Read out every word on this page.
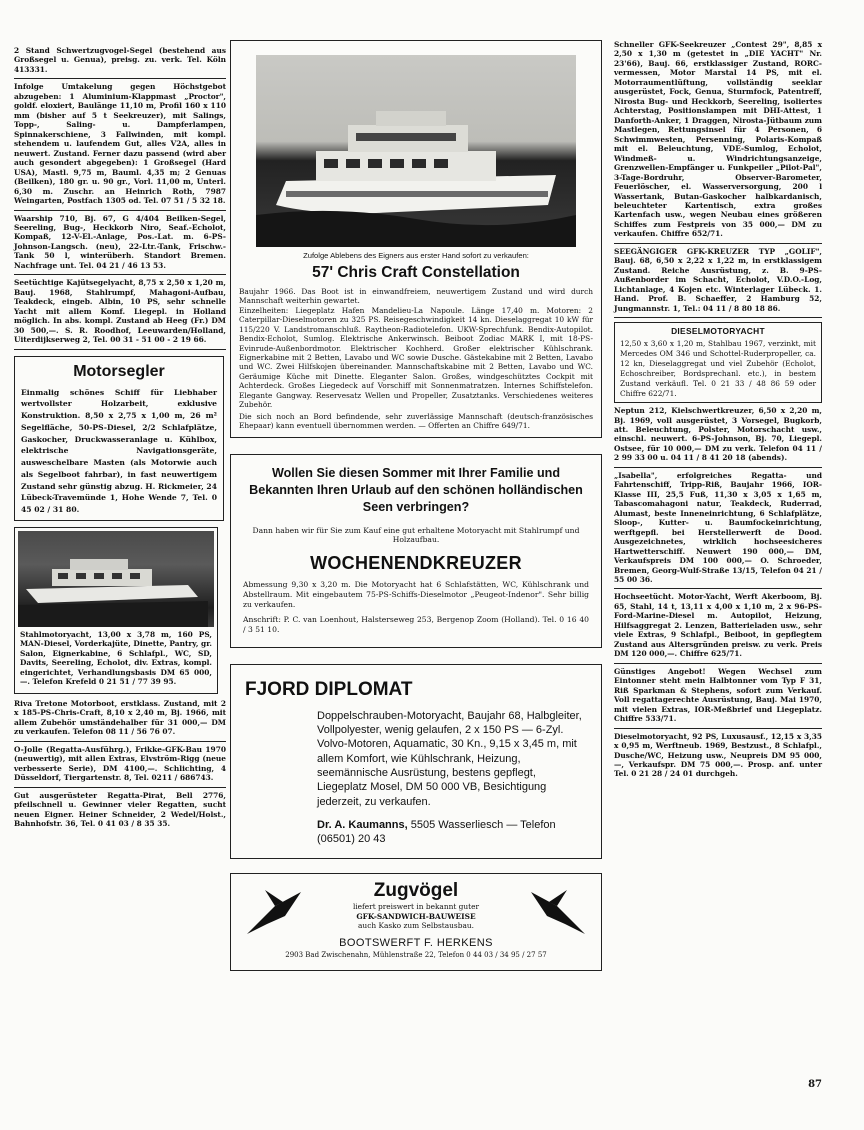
2 Stand Schwertzugvogel-Segel (bestehend aus Großsegel u. Genua), preisg. zu. verk. Tel. Köln 413331.
Infolge Umtakelung gegen Höchstgebot abzugeben: 1 Aluminium-Klappmast „Proctor", goldf. eloxiert, Baulänge 11,10 m, Profil 160 x 110 mm (bisher auf 5 t Seekreuzer), mit Salings, Topp-, Saling- u. Dampferlampen, Spinnakerschiene, 3 Fallwinden, mit kompl. stehendem u. laufendem Gut, alles V2A, alles in neuwert. Zustand. Ferner dazu passend (wird aber auch gesondert abgegeben): 1 Großsegel (Hard USA), Mastl. 9,75 m, Bauml. 4,35 m; 2 Genuas (Beilken), 180 gr. u. 90 gr., Vorl. 11,00 m, Unterl. 6,30 m. Zuschr. an Heinrich Roth, 7987 Weingarten, Postfach 1305 od. Tel. 07 51 / 5 32 18.
Waarship 710, Bj. 67, G 4/404 Beilken-Segel, Seereling, Bug-, Heckkorb Niro, Seaf.-Echolot, Kompaß, 12-V-El.-Anlage, Pos.-Lat. m. 6-PS-Johnson-Langsch. (neu), 22-Ltr.-Tank, Frischw.-Tank 50 l, winterüberh. Standort Bremen. Nachfrage unt. Tel. 04 21 / 46 13 53.
Seetüchtige Kajütsegelyacht, 8,75 x 2,50 x 1,20 m, Bauj. 1968, Stahlrumpf, Mahagoni-Aufbau, Teakdeck, eingeb. Albin, 10 PS, sehr schnelle Yacht mit allem Komf. Liegepl. in Holland möglich. In abs. kompl. Zustand ab Heeg (Fr.) DM 30 500,—. S. R. Roodhof, Leeuwarden/Holland, Uiterdijkserweg 2, Tel. 00 31 - 51 00 - 2 19 66.
Motorsegler
Einmalig schönes Schiff für Liebhaber wertvollster Holzarbeit, exklusive Konstruktion. 8,50 x 2,75 x 1,00 m, 26 m² Segelfläche, 50-PS-Diesel, 2/2 Schlafplätze, Gaskocher, Druckwasseranlage u. Kühlbox, elektrische Navigationsgeräte, ausweschelbare Masten (als Motorwie auch als Segelboot fahrbar), in fast neuwertigem Zustand sehr günstig abzug. H. Rickmeier, 24 Lübeck-Travemünde 1, Hohe Wende 7, Tel. 0 45 02 / 31 80.
Stahlmotoryacht, 13,00 x 3,78 m, 160 PS, MAN-Diesel, Vorderkajüte, Dinette, Pantry, gr. Salon, Eignerkabine, 6 Schlafpl., WC, SD, Davits, Seereling, Echolot, div. Extras, kompl. eingerichtet, Verhandlungsbasis DM 65 000,—. Telefon Krefeld 0 21 51 / 77 39 95.
Riva Tretone Motorboot, erstklass. Zustand, mit 2 x 185-PS-Chris-Craft, 8,10 x 2,40 m, Bj. 1966, mit allem Zubehör umständehalber für 31 000,— DM zu verkaufen. Telefon 08 11 / 56 76 07.
O-Jolle (Regatta-Ausführg.), Frikke-GFK-Bau 1970 (neuwertig), mit allen Extras, Elvström-Rigg (neue verbesserte Serie), DM 4100,—. Schlichting, 4 Düsseldorf, Tiergartenstr. 8, Tel. 0211 / 686743.
Gut ausgerüsteter Regatta-Pirat, Bell 2776, pfeilschnell u. Gewinner vieler Regatten, sucht neuen Eigner. Heiner Schneider, 2 Wedel/Holst., Bahnhofstr. 36, Tel. 0 41 03 / 8 35 35.
Zufolge Ablebens des Eigners aus erster Hand sofort zu verkaufen:
57' Chris Craft Constellation
Baujahr 1966. Das Boot ist in einwandfreiem, neuwertigem Zustand und wird durch Mannschaft weiterhin gewartet.
Einzelheiten: Liegeplatz Hafen Mandelieu-La Napoule. Länge 17,40 m. Motoren: 2 Caterpillar-Dieselmotoren zu 325 PS. Reisegeschwindigkeit 14 kn. Dieselaggregat 10 kW für 115/220 V. Landstromanschluß. Raytheon-Radiotelefon. UKW-Sprechfunk. Bendix-Autopilot. Bendix-Echolot, Sumlog. Elektrische Ankerwinsch. Beiboot Zodiac MARK I, mit 18-PS-Evinrude-Außenbordmotor. Elektrischer Kochherd. Großer elektrischer Kühlschrank. Eignerkabine mit 2 Betten, Lavabo und WC sowie Dusche. Gästekabine mit 2 Betten, Lavabo und WC. Zwei Hilfskojen übereinander. Mannschaftskabine mit 2 Betten, Lavabo und WC. Geräumige Küche mit Dinette. Eleganter Salon. Großes, windgeschütztes Cockpit mit Achterdeck. Großes Liegedeck auf Vorschiff mit Sonnenmatratzen. Internes Schiffstelefon. Elegante Gangway. Reservesatz Wellen und Propeller, Zusatztanks. Verschiedenes weiteres Zubehör.
Die sich noch an Bord befindende, sehr zuverlässige Mannschaft (deutsch-französisches Ehepaar) kann eventuell übernommen werden. — Offerten an Chiffre 649/71.
Wollen Sie diesen Sommer mit Ihrer Familie und Bekannten Ihren Urlaub auf den schönen holländischen Seen verbringen?
Dann haben wir für Sie zum Kauf eine gut erhaltene Motoryacht mit Stahlrumpf und Holzaufbau.
WOCHENENDKREUZER
Abmessung 9,30 x 3,20 m. Die Motoryacht hat 6 Schlafstätten, WC, Kühlschrank und Abstellraum. Mit eingebautem 75-PS-Schiffs-Dieselmotor „Peugeot-Indenor". Sehr billig zu verkaufen.
Anschrift: P. C. van Loenhout, Halsterseweg 253, Bergenop Zoom (Holland). Tel. 0 16 40 / 3 51 10.
FJORD DIPLOMAT
Doppelschrauben-Motoryacht, Baujahr 68, Halbgleiter, Vollpolyester, wenig gelaufen, 2 x 150 PS — 6-Zyl. Volvo-Motoren, Aquamatic, 30 Kn., 9,15 x 3,45 m, mit allem Komfort, wie Kühlschrank, Heizung, seemännische Ausrüstung, bestens gepflegt, Liegeplatz Mosel, DM 50 000 VB, Besichtigung jederzeit, zu verkaufen.
Dr. A. Kaumanns, 5505 Wasserliesch — Telefon (06501) 20 43
Zugvögel
liefert preiswert in bekannt guter
GFK-SANDWICH-BAUWEISE
auch Kasko zum Selbstausbau.
BOOTSWERFT F. HERKENS
2903 Bad Zwischenahn, Mühlenstraße 22, Telefon 0 44 03 / 34 95 / 27 57
Schneller GFK-Seekreuzer „Contest 29", 8,85 x 2,50 x 1,30 m (getestet in „DIE YACHT" Nr. 23'66), Bauj. 66, erstklassiger Zustand, RORC-vermessen, Motor Marstal 14 PS, mit el. Motorraumentlüftung, vollständig seeklar ausgerüstet, Fock, Genua, Sturmfock, Patentreff, Nirosta Bug- und Heckkorb, Seereling, isoliertes Achterstag, Positionslampen mit DHI-Attest, 1 Danforth-Anker, 1 Draggen, Nirosta-Jütbaum zum Mastlegen, Rettungsinsel für 4 Personen, 6 Schwimmwesten, Persenning, Polaris-Kompaß mit el. Beleuchtung, VDE-Sumlog, Echolot, Windmeß- u. Windrichtungsanzeige, Grenzwellen-Empfänger u. Funkpeiler „Pilot-Pal", 3-Tage-Bordruhr, Observer-Barometer, Feuerlöscher, el. Wasserversorgung, 200 l Wassertank, Butan-Gaskocher halbkardanisch, beleuchteter Kartentisch, extra großes Kartenfach usw., wegen Neubau eines größeren Schiffes zum Festpreis von 35 000,— DM zu verkaufen. Chiffre 652/71.
SEEGÄNGIGER GFK-KREUZER TYP „GOLIF", Bauj. 68, 6,50 x 2,22 x 1,22 m, in erstklassigem Zustand. Reiche Ausrüstung, z. B. 9-PS-Außenborder im Schacht, Echolot, V.D.O.-Log, Lichtanlage, 4 Kojen etc. Winterlager Lübeck. 1. Hand. Prof. B. Schaeffer, 2 Hamburg 52, Jungmannstr. 1, Tel.: 04 11 / 8 80 18 86.
DIESELMOTORYACHT
12,50 x 3,60 x 1,20 m, Stahlbau 1967, verzinkt, mit Mercedes OM 346 und Schottel-Ruderpropeller, ca. 12 kn, Dieselaggregat und viel Zubehör (Echolot, Echoschreiber, Bordsprechanl. etc.), in bestem Zustand verkäufl. Tel. 0 21 33 / 48 86 59 oder Chiffre 622/71.
Neptun 212, Kielschwertkreuzer, 6,50 x 2,20 m, Bj. 1969, voll ausgerüstet, 3 Vorsegel, Bugkorb, att. Beleuchtung, Polster, Motorschacht usw., einschl. neuwert. 6-PS-Johnson, Bj. 70, Liegepl. Ostsee, für 10 000,— DM zu verk. Telefon 04 11 / 2 99 33 00 u. 04 11 / 8 41 20 18 (abends).
„Isabella", erfolgreiches Regatta- und Fahrtenschiff, Tripp-Riß, Baujahr 1966, IOR-Klasse III, 25,5 Fuß, 11,30 x 3,05 x 1,65 m, Tabascomahagoni natur, Teakdeck, Ruderrad, Alumast, beste Inneneinrichtung, 6 Schlafplätze, Sloop-, Kutter- u. Baumfockeinrichtung, werftgepfl. bei Herstellerwerft de Dood. Ausgezeichnetes, wirklich hochseesicheres Hartwetterschiff. Neuwert 190 000,— DM, Verkaufspreis DM 100 000,— O. Schroeder, Bremen, Georg-Wulf-Straße 13/15, Telefon 04 21 / 55 00 36.
Hochseetücht. Motor-Yacht, Werft Akerboom, Bj. 65, Stahl, 14 t, 13,11 x 4,00 x 1,10 m, 2 x 96-PS-Ford-Marine-Diesel m. Autopilot, Heizung, Hilfsaggregat 2. Lenzen, Batterieladen usw., sehr viele Extras, 9 Schlafpl., Beiboot, in gepflegtem Zustand aus Altersgründen preisw. zu verk. Preis DM 120 000,—. Chiffre 625/71.
Günstiges Angebot! Wegen Wechsel zum Eintonner steht mein Halbtonner vom Typ F 31, Riß Sparkman & Stephens, sofort zum Verkauf. Voll regattagerechte Ausrüstung, Bauj. Mai 1970, mit vielen Extras, IOR-Meßbrief und Liegeplatz. Chiffre 533/71.
Dieselmotoryacht, 92 PS, Luxusausf., 12,15 x 3,35 x 0,95 m, Werftneub. 1969, Bestzust., 8 Schlafpl., Dusche/WC, Heizung usw., Neupreis DM 95 000,—, Verkaufspr. DM 75 000,—. Prosp. anf. unter Tel. 0 21 28 / 24 01 durchgeh.
87
